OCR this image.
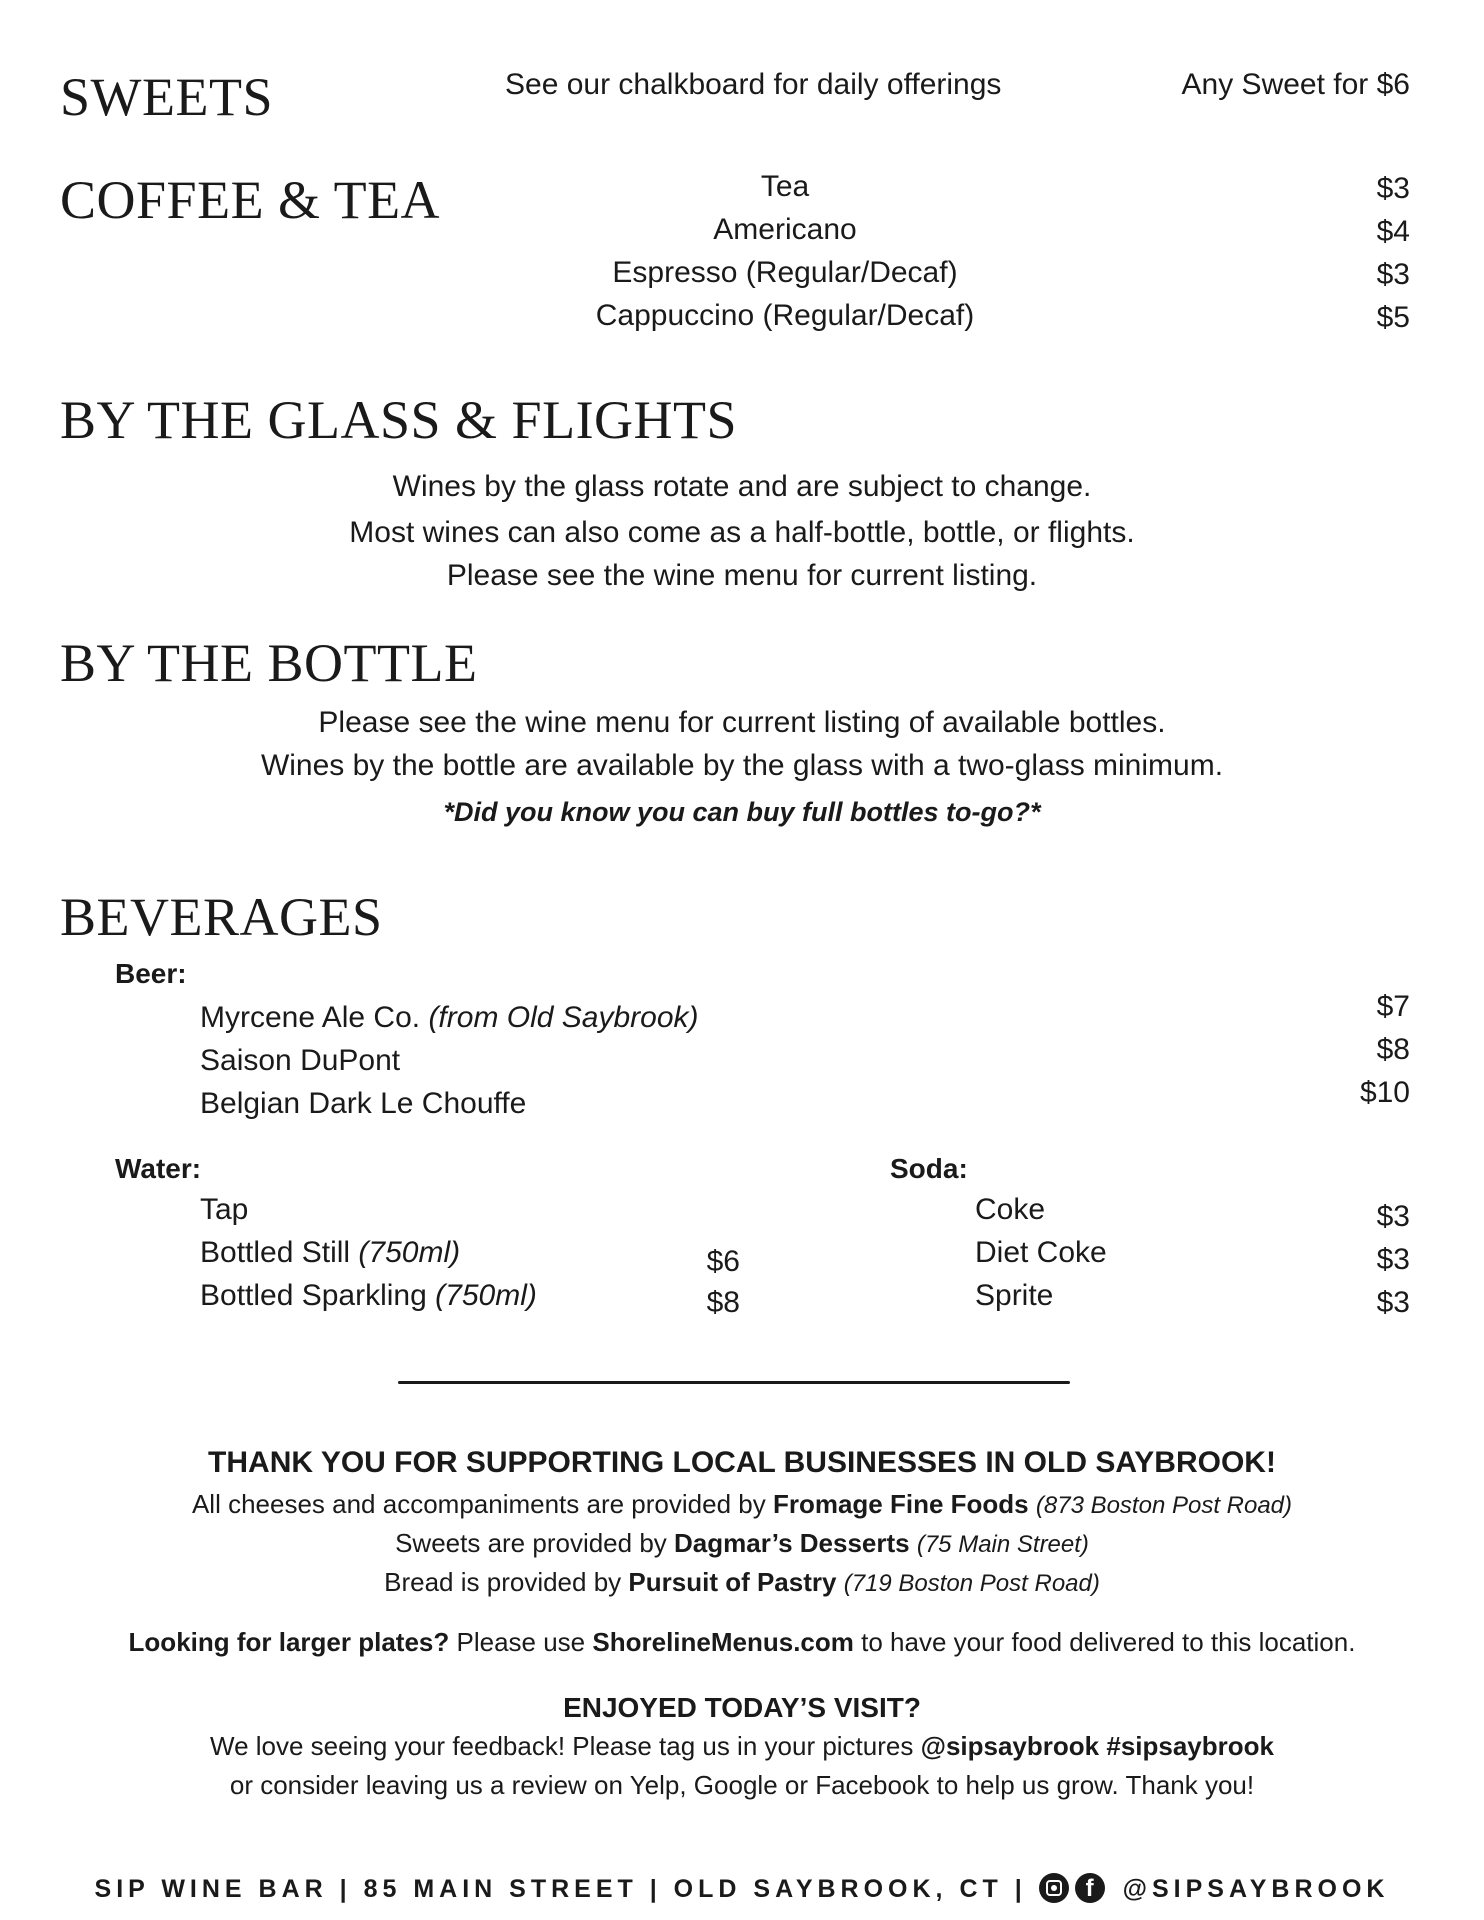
SWEETS	See our chalkboard for daily offerings	Any Sweet for $6
COFFEE & TEA	Tea	$3
Americano	$4
Espresso (Regular/Decaf)	$3
Cappuccino (Regular/Decaf)	$5
BY THE GLASS & FLIGHTS
Wines by the glass rotate and are subject to change.
Most wines can also come as a half-bottle, bottle, or flights.
Please see the wine menu for current listing.
BY THE BOTTLE
Please see the wine menu for current listing of available bottles.
Wines by the bottle are available by the glass with a two-glass minimum.
*Did you know you can buy full bottles to-go?*
BEVERAGES
Beer:
Myrcene Ale Co. (from Old Saybrook)	$7
Saison DuPont	$8
Belgian Dark Le Chouffe	$10
Water:
Tap
Bottled Still (750ml)	$6
Bottled Sparkling (750ml)	$8
Soda:
Coke	$3
Diet Coke	$3
Sprite	$3
THANK YOU FOR SUPPORTING LOCAL BUSINESSES IN OLD SAYBROOK!
All cheeses and accompaniments are provided by Fromage Fine Foods (873 Boston Post Road)
Sweets are provided by Dagmar’s Desserts (75 Main Street)
Bread is provided by Pursuit of Pastry (719 Boston Post Road)
Looking for larger plates? Please use ShorelineMenus.com to have your food delivered to this location.
ENJOYED TODAY’S VISIT?
We love seeing your feedback! Please tag us in your pictures @sipsaybrook #sipsaybrook
or consider leaving us a review on Yelp, Google or Facebook to help us grow. Thank you!
SIP WINE BAR | 85 MAIN STREET | OLD SAYBROOK, CT |	f	@SIPSAYBROOK
